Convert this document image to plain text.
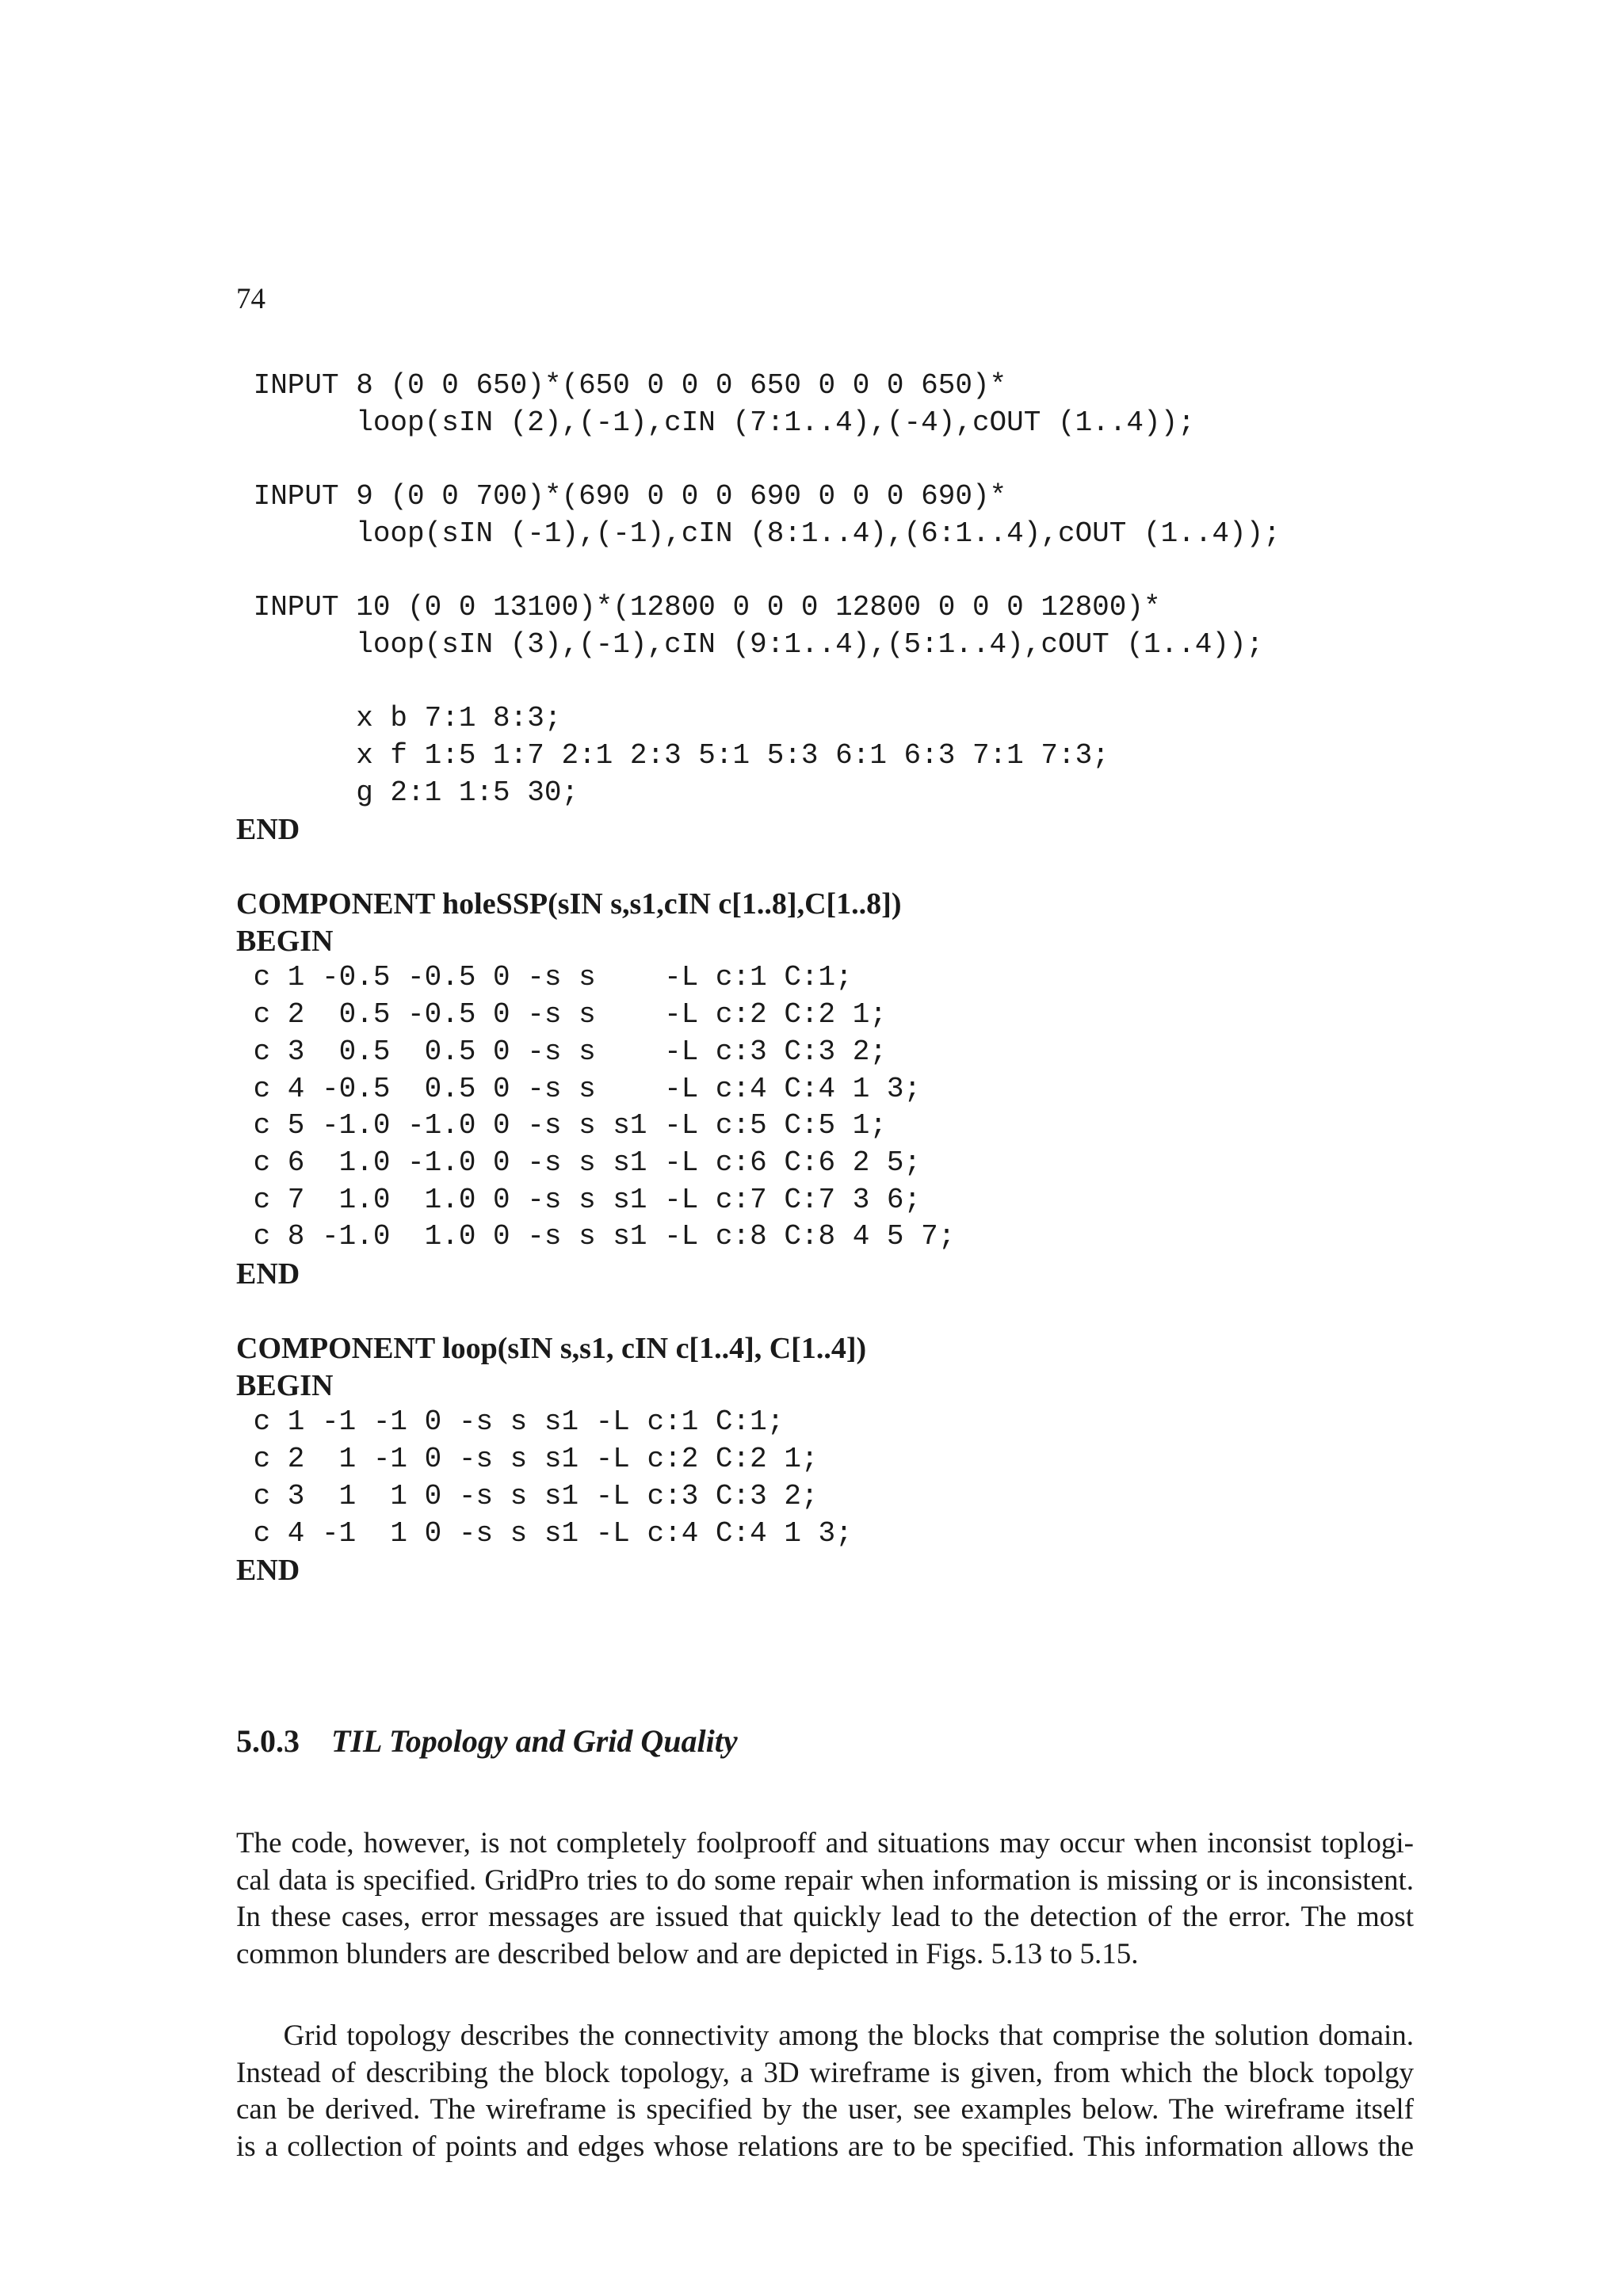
74
INPUT 8 (0 0 650)*(650 0 0 0 650 0 0 0 650)*
loop(sIN (2),(-1),cIN (7:1..4),(-4),cOUT (1..4));

INPUT 9 (0 0 700)*(690 0 0 0 690 0 0 0 690)*
loop(sIN (-1),(-1),cIN (8:1..4),(6:1..4),cOUT (1..4));

INPUT 10 (0 0 13100)*(12800 0 0 0 12800 0 0 0 12800)*
loop(sIN (3),(-1),cIN (9:1..4),(5:1..4),cOUT (1..4));

x b 7:1 8:3;
x f 1:5 1:7 2:1 2:3 5:1 5:3 6:1 6:3 7:1 7:3;
g 2:1 1:5 30;
END
COMPONENT holeSSP(sIN s,s1,cIN c[1..8],C[1..8])
BEGIN
c 1 -0.5 -0.5 0 -s s    -L c:1 C:1;
c 2  0.5 -0.5 0 -s s    -L c:2 C:2 1;
c 3  0.5  0.5 0 -s s    -L c:3 C:3 2;
c 4 -0.5  0.5 0 -s s    -L c:4 C:4 1 3;
c 5 -1.0 -1.0 0 -s s s1 -L c:5 C:5 1;
c 6  1.0 -1.0 0 -s s s1 -L c:6 C:6 2 5;
c 7  1.0  1.0 0 -s s s1 -L c:7 C:7 3 6;
c 8 -1.0  1.0 0 -s s s1 -L c:8 C:8 4 5 7;
END
COMPONENT loop(sIN s,s1, cIN c[1..4], C[1..4])
BEGIN
c 1 -1 -1 0 -s s s1 -L c:1 C:1;
c 2  1 -1 0 -s s s1 -L c:2 C:2 1;
c 3  1  1 0 -s s s1 -L c:3 C:3 2;
c 4 -1  1 0 -s s s1 -L c:4 C:4 1 3;
END
5.0.3 TIL Topology and Grid Quality
The code, however, is not completely foolprooff and situations may occur when inconsist toplogi-
cal data is specified. GridPro tries to do some repair when information is missing or is inconsistent.
In these cases, error messages are issued that quickly lead to the detection of the error. The most
common blunders are described below and are depicted in Figs. 5.13 to 5.15.
Grid topology describes the connectivity among the blocks that comprise the solution domain.
Instead of describing the block topology, a 3D wireframe is given, from which the block topolgy
can be derived. The wireframe is specified by the user, see examples below. The wireframe itself
is a collection of points and edges whose relations are to be specified. This information allows the
